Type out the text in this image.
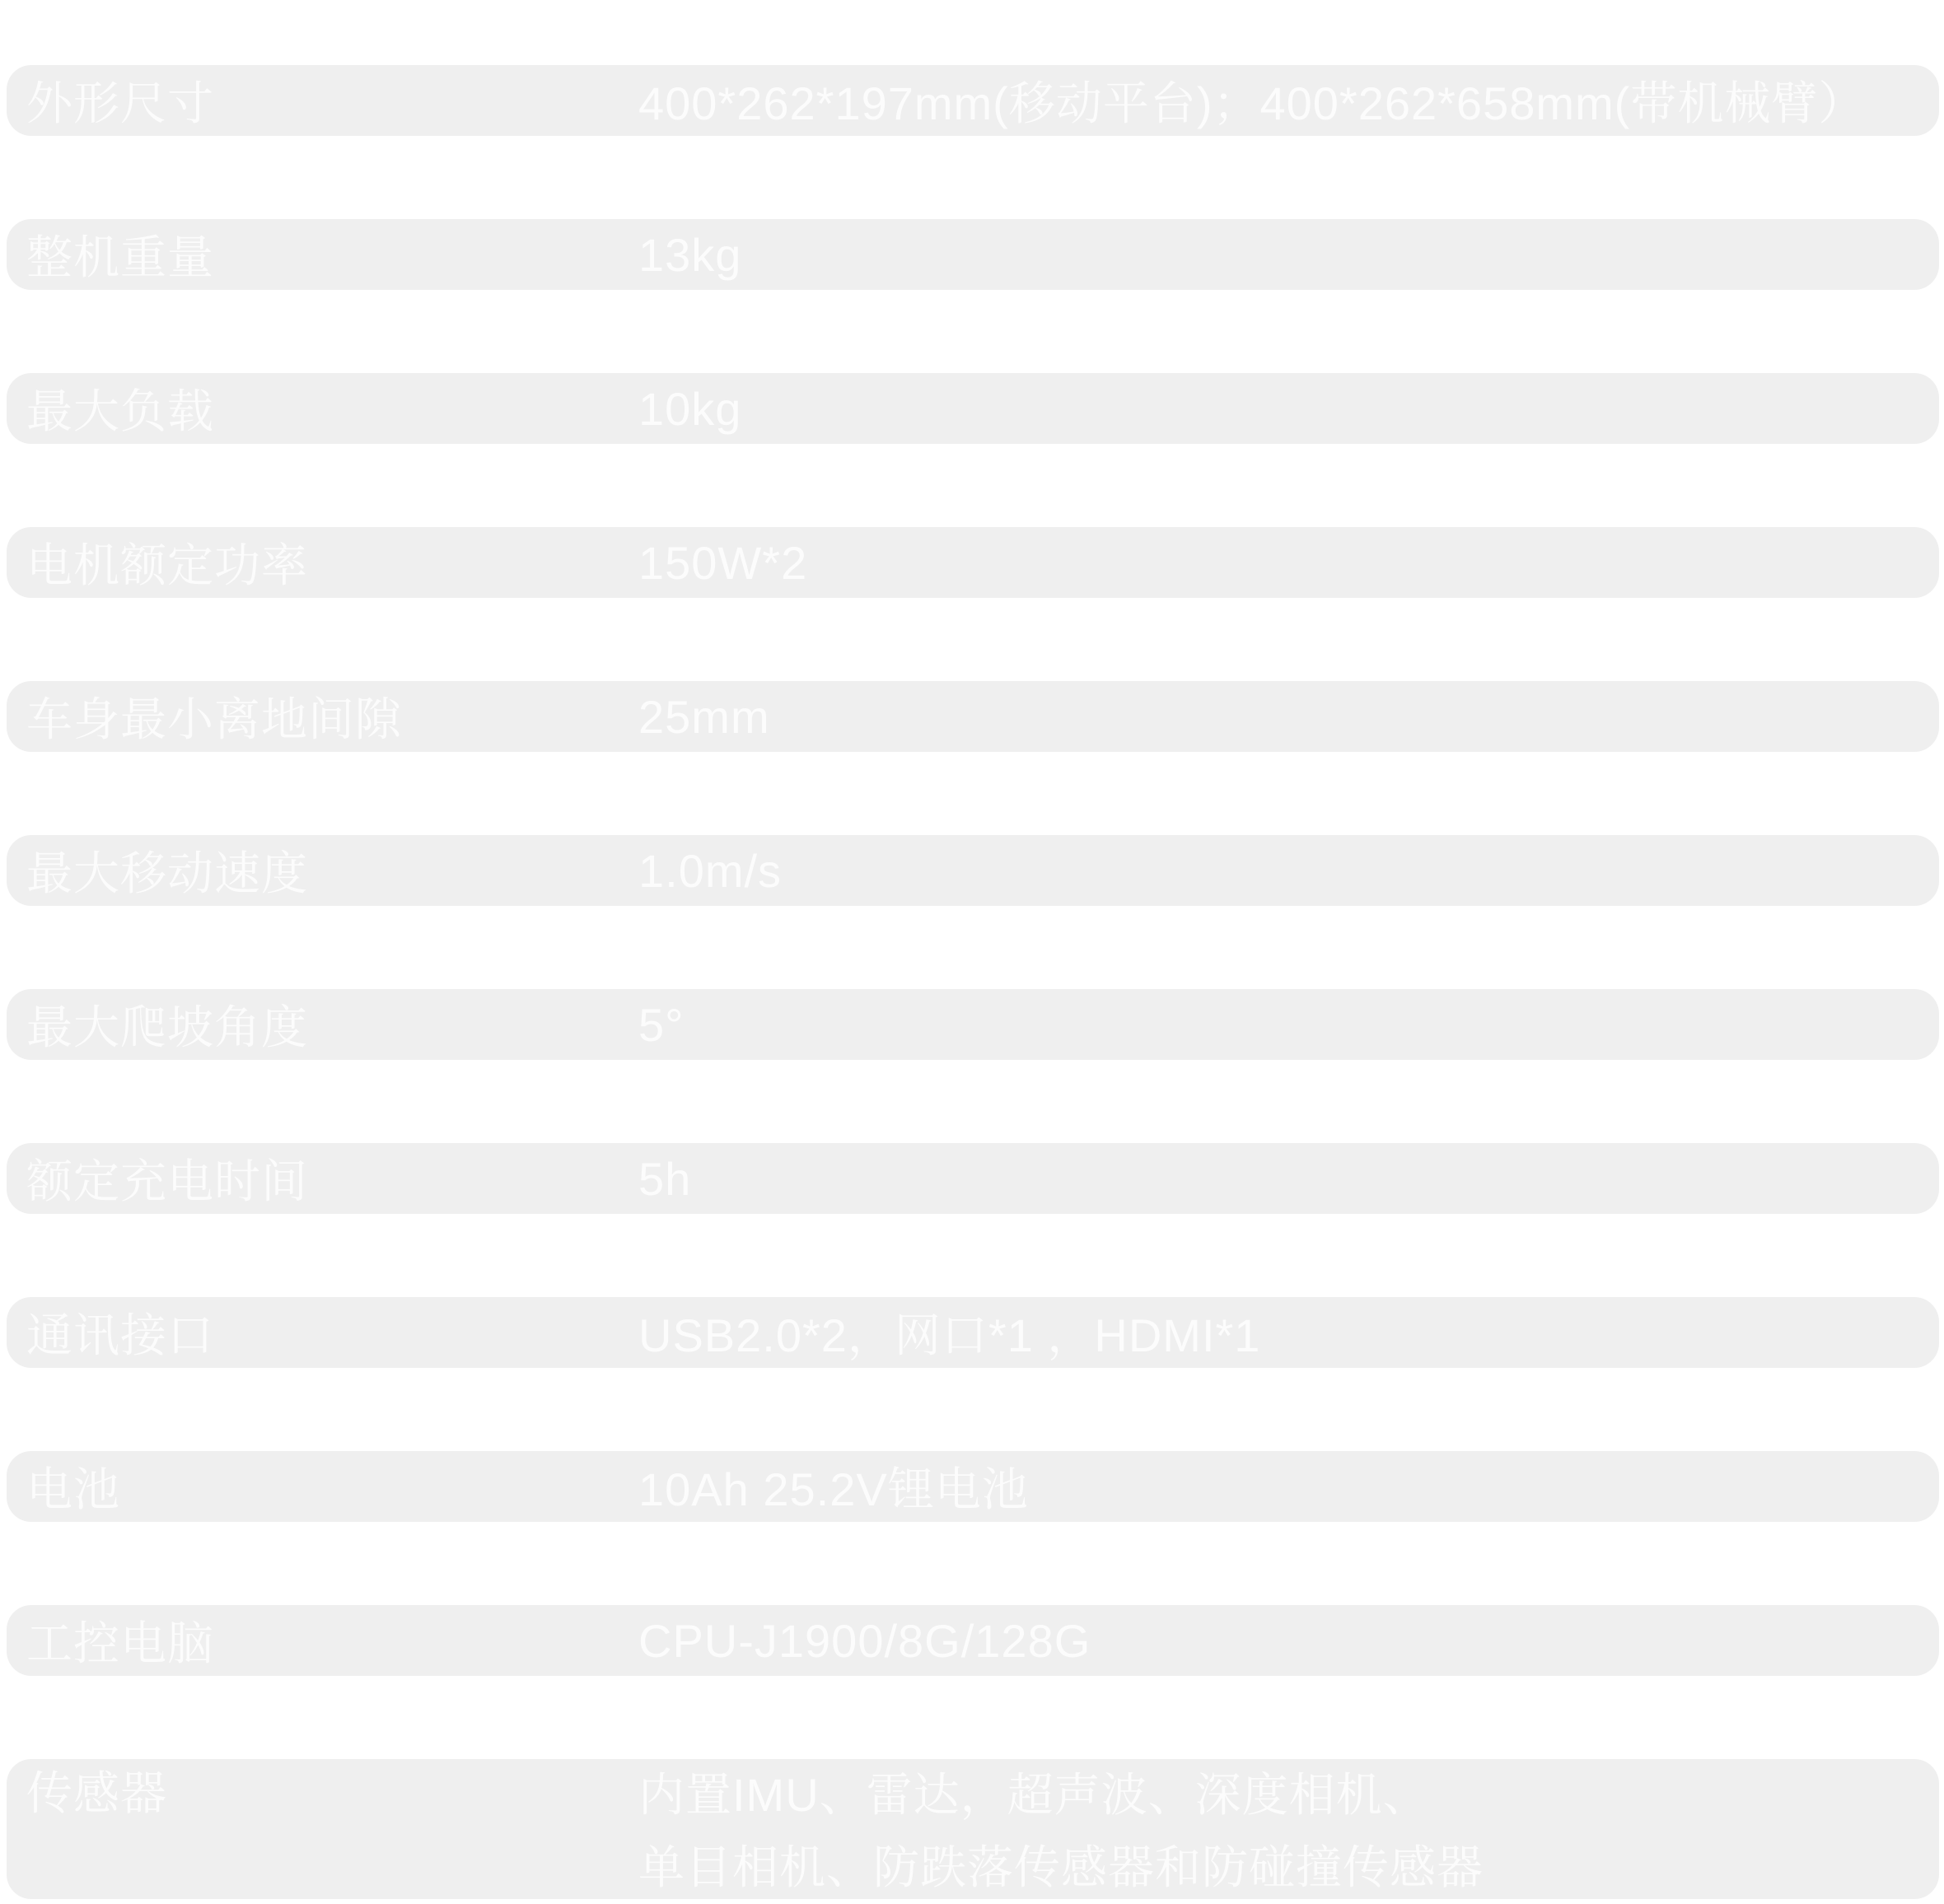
外形尺寸	400*262*197mm(移动平台)；400*262*658mm(带机械臂）
整机重量	13kg
最大负载	10kg
电机额定功率	150W*2
车身最小离地间隙	25mm
最大移动速度	1.0m/s
最大爬坡角度	5°
额定充电时间	5h
通讯接口	USB2.0*2，网口*1 ，HDMI*1
电池	10Ah 25.2V锂电池
工控电脑	CPU-J1900/8G/128G
传感器	内置IMU、雷达，超声波、深度相机、
单目相机、防跌落传感器和防碰撞传感器
